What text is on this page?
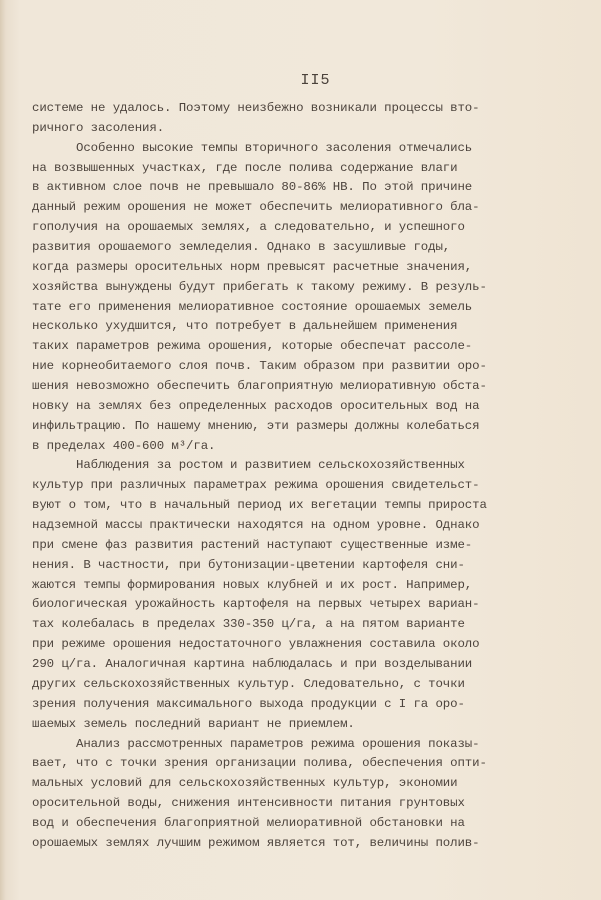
II5
системе не удалось. Поэтому неизбежно возникали процессы вто-
ричного засоления.
Особенно высокие темпы вторичного засоления отмечались
на возвышенных участках, где после полива содержание влаги
в активном слое почв не превышало 80-86% НВ. По этой причине
данный режим орошения не может обеспечить мелиоративного бла-
гополучия на орошаемых землях, а следовательно, и успешного
развития орошаемого земледелия. Однако в засушливые годы,
когда размеры оросительных норм превысят расчетные значения,
хозяйства вынуждены будут прибегать к такому режиму. В резуль-
тате его применения мелиоративное состояние орошаемых земель
несколько ухудшится, что потребует в дальнейшем применения
таких параметров режима орошения, которые обеспечат рассоле-
ние корнеобитаемого слоя почв. Таким образом при развитии оро-
шения невозможно обеспечить благоприятную мелиоративную обста-
новку на землях без определенных расходов оросительных вод на
инфильтрацию. По нашему мнению, эти размеры должны колебаться
в пределах 400-600 м³/га.
Наблюдения за ростом и развитием сельскохозяйственных
культур при различных параметрах режима орошения свидетельст-
вуют о том, что в начальный период их вегетации темпы прироста
надземной массы практически находятся на одном уровне. Однако
при смене фаз развития растений наступают существенные изме-
нения. В частности, при бутонизации-цветении картофеля сни-
жаются темпы формирования новых клубней и их рост. Например,
биологическая урожайность картофеля на первых четырех вариан-
тах колебалась в пределах 330-350 ц/га, а на пятом варианте
при режиме орошения недостаточного увлажнения составила около
290 ц/га. Аналогичная картина наблюдалась и при возделывании
других сельскохозяйственных культур. Следовательно, с точки
зрения получения максимального выхода продукции с I га оро-
шаемых земель последний вариант не приемлем.
Анализ рассмотренных параметров режима орошения показы-
вает, что с точки зрения организации полива, обеспечения опти-
мальных условий для сельскохозяйственных культур, экономии
оросительной воды, снижения интенсивности питания грунтовых
вод и обеспечения благоприятной мелиоративной обстановки на
орошаемых землях лучшим режимом является тот, величины полив-
